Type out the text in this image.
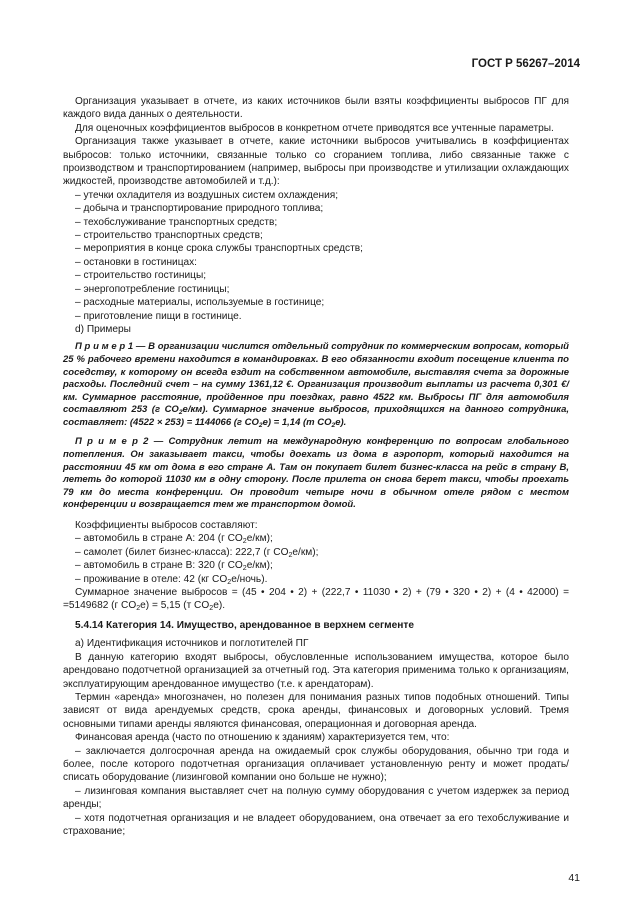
ГОСТ Р 56267–2014

Организация указывает в отчете, из каких источников были взяты коэффициенты выбросов ПГ для каждого вида данных о деятельности.

Для оценочных коэффициентов выбросов в конкретном отчете приводятся все учтенные параметры.

Организация также указывает в отчете, какие источники выбросов учитывались в коэффициентах выбросов: только источники, связанные только со сгоранием топлива, либо связанные также с производством и транспортированием (например, выбросы при производстве и утилизации охлаждающих жидкостей, производстве автомобилей и т.д.):

– утечки охладителя из воздушных систем охлаждения;

– добыча и транспортирование природного топлива;

– техобслуживание транспортных средств;

– строительство транспортных средств;

– мероприятия в конце срока службы транспортных средств;

– остановки в гостиницах:

– строительство гостиницы;

– энергопотребление гостиницы;

– расходные материалы, используемые в гостинице;

– приготовление пищи в гостинице.

d) Примеры

П р и м е р 1 — В организации числится отдельный сотрудник по коммерческим вопросам, который 25 % рабочего времени находится в командировках. В его обязанности входит посещение клиента по соседству, к которому он всегда ездит на собственном автомобиле, выставляя счета за дорожные расходы. Последний счет – на сумму 1361,12 €. Организация производит выплаты из расчета 0,301 €/км. Суммарное расстояние, пройденное при поездках, равно 4522 км. Выбросы ПГ для автомобиля составляют 253 (г $CO_2е/км$). Суммарное значение выбросов, приходящихся на данного сотрудника, составляет: (4522 × 253) = 1144066 (г $CO_2е) = 1,14$ (т $CO_2е$).

П р и м е р 2 — Сотрудник летит на международную конференцию по вопросам глобального потепления. Он заказывает такси, чтобы доехать из дома в аэропорт, который находится на расстоянии 45 км от дома в его стране А. Там он покупает билет бизнес-класса на рейс в страну В, лететь до которой 11030 км в одну сторону. После прилета он снова берет такси, чтобы проехать 79 км до места конференции. Он проводит четыре ночи в обычном отеле рядом с местом конференции и возвращается тем же транспортом домой.

Коэффициенты выбросов составляют:

– автомобиль в стране А: 204 (г $CO_2е/км$);

– самолет (билет бизнес-класса): 222,7 (г $CO_2е/км$);

– автомобиль в стране В: 320 (г $CO_2е/км$);

– проживание в отеле: 42 (кг $CO_2е/ночь$).

Суммарное значение выбросов = (45 • 204 • 2) + (222,7 • 11030 • 2) + (79 • 320 • 2) + (4 • 42000) = =5149682 (г $CO_2е) = 5,15$ (т $CO_2е$).

5.4.14 Категория 14. Имущество, арендованное в верхнем сегменте

а) Идентификация источников и поглотителей ПГ

В данную категорию входят выбросы, обусловленные использованием имущества, которое было арендовано подотчетной организацией за отчетный год. Эта категория применима только к организациям, эксплуатирующим арендованное имущество (т.е. к арендаторам).

Термин «аренда» многозначен, но полезен для понимания разных типов подобных отношений. Типы зависят от вида арендуемых средств, срока аренды, финансовых и договорных условий. Тремя основными типами аренды являются финансовая, операционная и договорная аренда.

Финансовая аренда (часто по отношению к зданиям) характеризуется тем, что:

– заключается долгосрочная аренда на ожидаемый срок службы оборудования, обычно три года и более, после которого подотчетная организация оплачивает установленную ренту и может продать/списать оборудование (лизинговой компании оно больше не нужно);

– лизинговая компания выставляет счет на полную сумму оборудования с учетом издержек за период аренды;

– хотя подотчетная организация и не владеет оборудованием, она отвечает за его техобслуживание и страхование;

41
